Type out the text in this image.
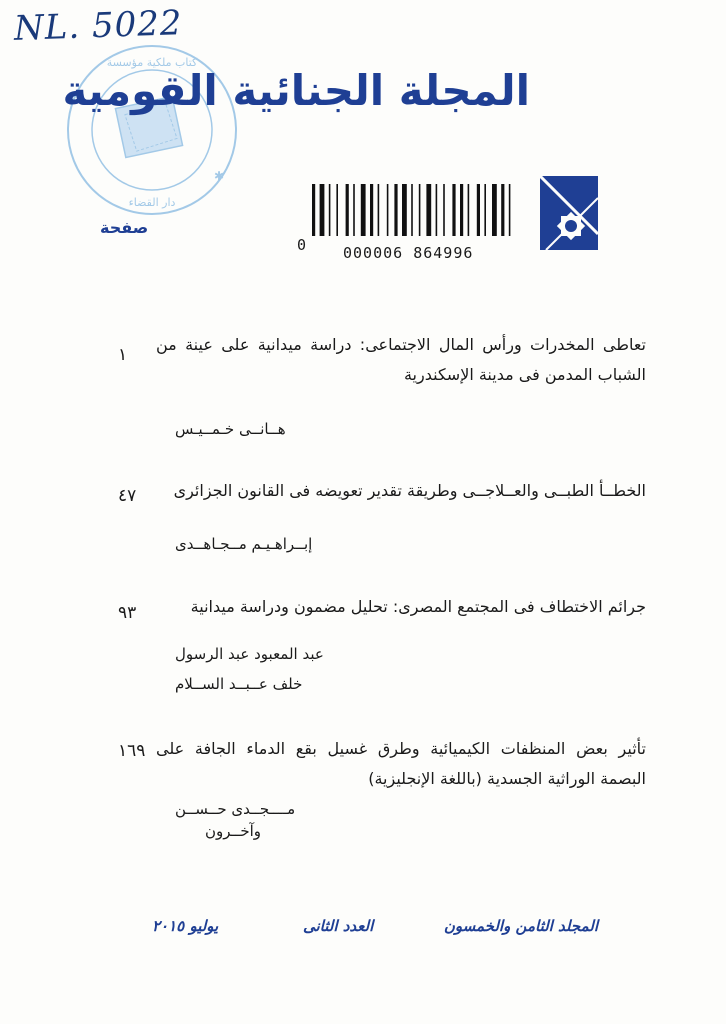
NL. 5022
✱
كتاب ملكية مؤسسة
دار القضاء
المجلة الجنائية القومية
0 000006 864996
صفحة
تعاطى المخدرات ورأس المال الاجتماعى: دراسة ميدانية على عينة من الشباب المدمن فى مدينة الإسكندرية
١
هــانــى خـمــيـس
الخطــأ الطبــى والعــلاجــى وطريقة تقدير تعويضه فى القانون الجزائرى
٤٧
إبــراهـيـم مــجـاهــدى
جرائم الاختطاف فى المجتمع المصرى: تحليل مضمون ودراسة ميدانية
٩٣
عبد المعبود عبد الرسول
خلف عــبــد الســلام
تأثير بعض المنظفات الكيميائية وطرق غسيل بقع الدماء الجافة على البصمة الوراثية الجسدية (باللغة الإنجليزية)
١٦٩
مــــجــدى حــســن
وآخــرون
المجلد الثامن والخمسون
العدد الثانى
يوليو ٢٠١٥
